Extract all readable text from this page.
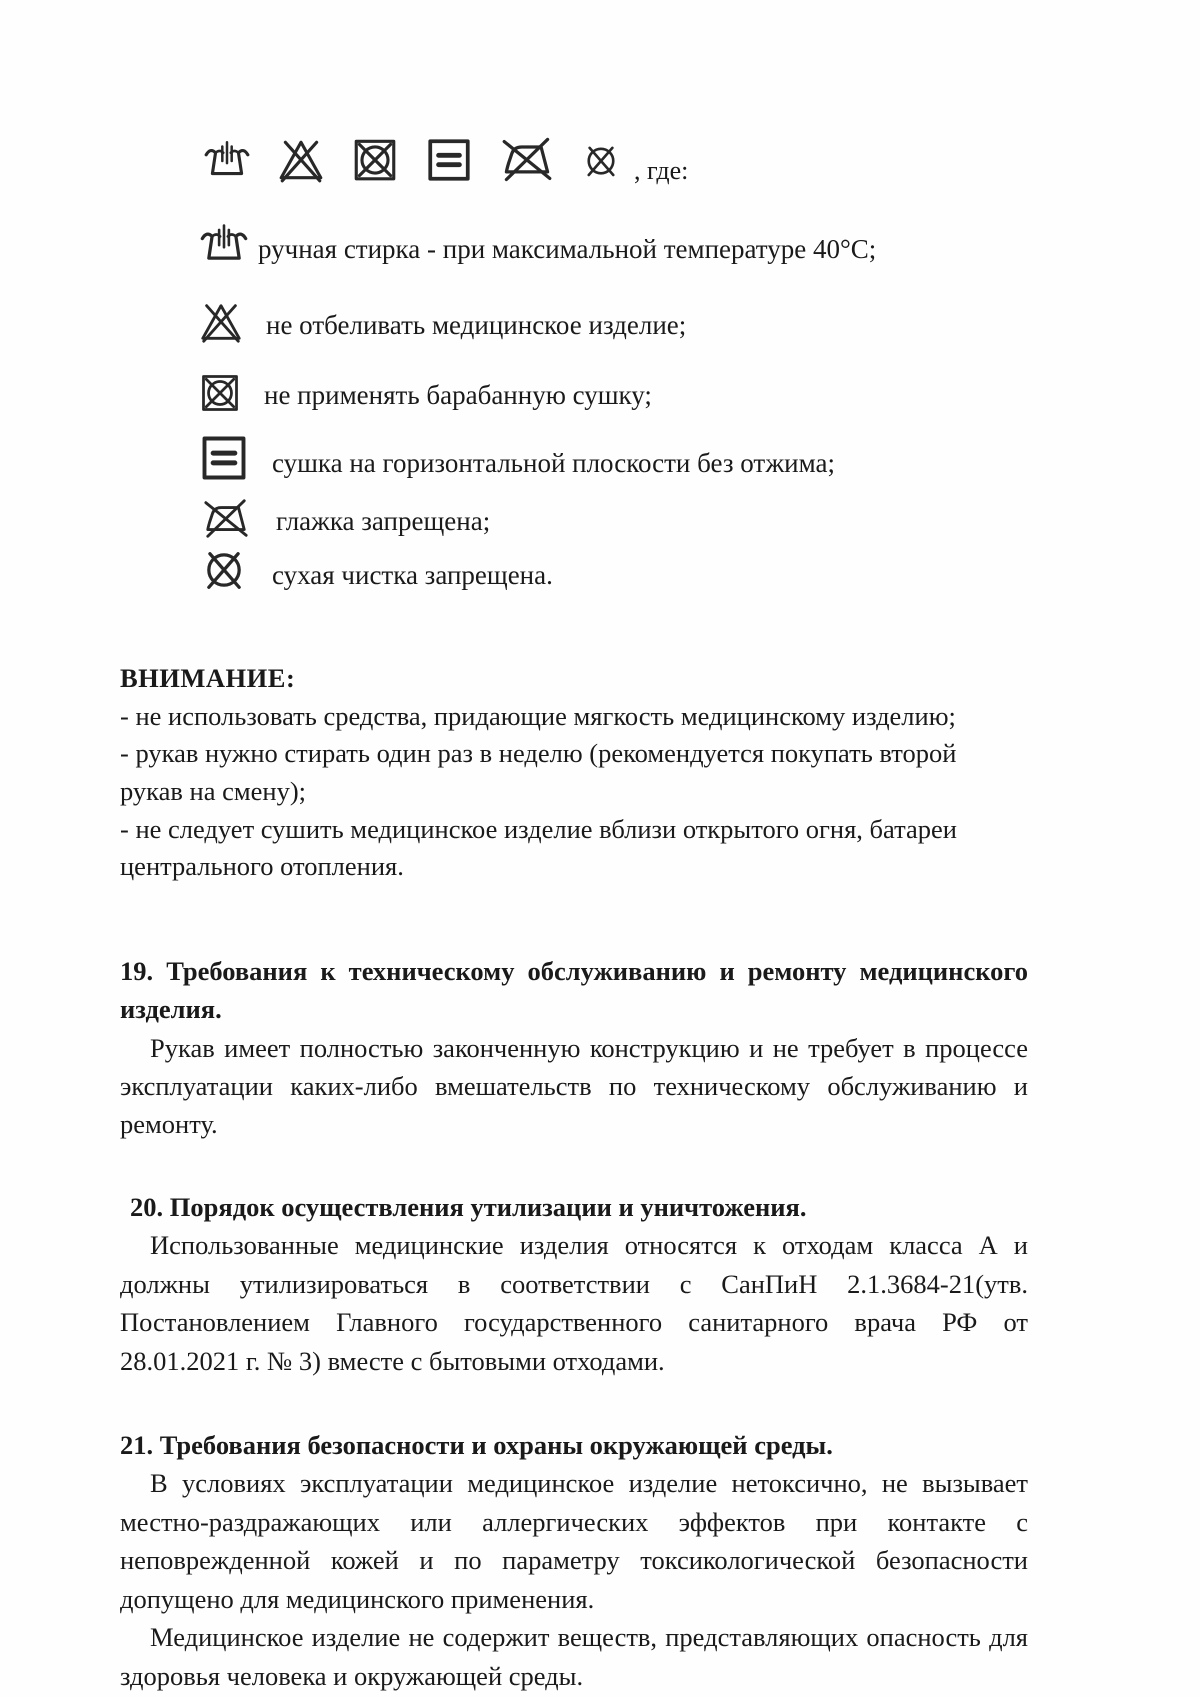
, где:
ручная стирка - при максимальной температуре 40°С;
не отбеливать медицинское изделие;
не применять барабанную сушку;
сушка на горизонтальной плоскости без отжима;
глажка запрещена;
сухая чистка запрещена.

ВНИМАНИЕ:

- не использовать средства, придающие мягкость медицинскому изделию;

- рукав нужно стирать один раз в неделю (рекомендуется покупать второй рукав на смену);

- не следует сушить медицинское изделие вблизи открытого огня, батареи центрального отопления.

19. Требования к техническому обслуживанию и ремонту медицинского изделия.

Рукав имеет полностью законченную конструкцию и не требует в процессе эксплуатации каких-либо вмешательств по техническому обслуживанию и ремонту.

20. Порядок осуществления утилизации и уничтожения.

Использованные медицинские изделия относятся к отходам класса А и должны утилизироваться в соответствии с СанПиН 2.1.3684-21(утв. Постановлением Главного государственного санитарного врача РФ от 28.01.2021 г. № 3) вместе с бытовыми отходами.

21. Требования безопасности и охраны окружающей среды.

В условиях эксплуатации медицинское изделие нетоксично, не вызывает местно-раздражающих или аллергических эффектов при контакте с неповрежденной кожей и по параметру токсикологической безопасности допущено для медицинского применения.

Медицинское изделие не содержит веществ, представляющих опасность для здоровья человека и окружающей среды.
